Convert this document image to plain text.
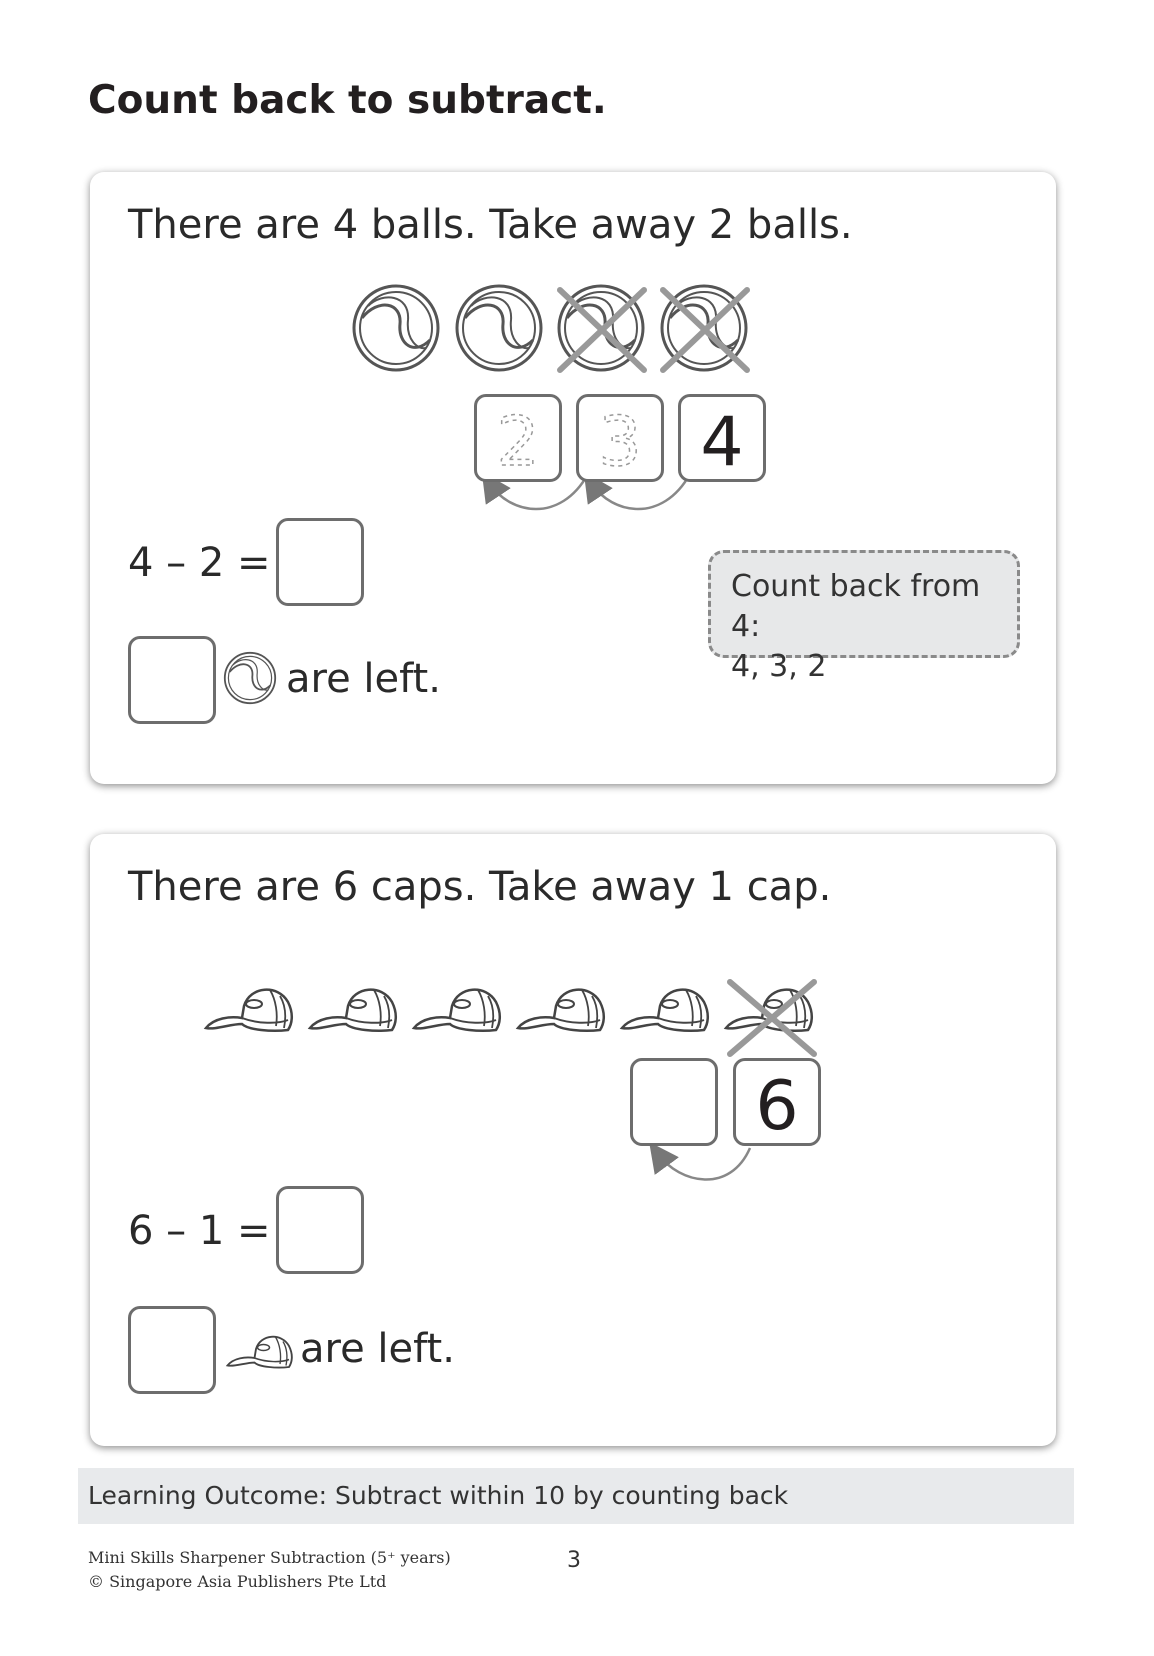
Count back to subtract.
There are 4 balls. Take away 2 balls.
2 3 4
4 – 2 =
Count back from 4:
4, 3, 2
are left.
There are 6 caps. Take away 1 cap.
6
6 – 1 =
are left.
Learning Outcome: Subtract within 10 by counting back
Mini Skills Sharpener Subtraction (5⁺ years)
© Singapore Asia Publishers Pte Ltd
3
